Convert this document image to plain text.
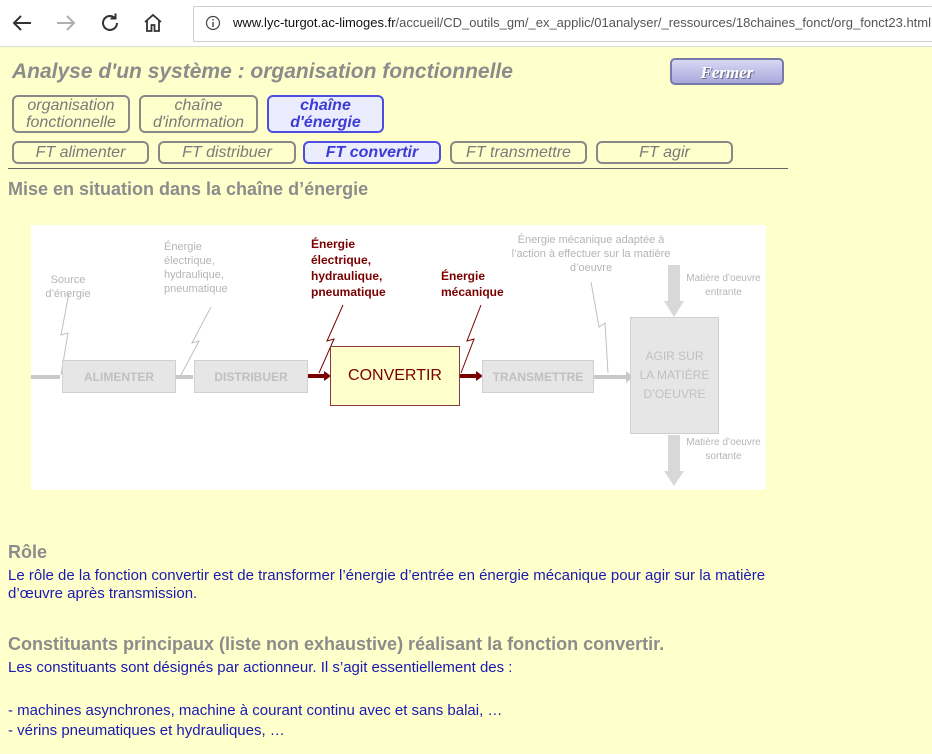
www.lyc-turgot.ac-limoges.fr/accueil/CD_outils_gm/_ex_applic/01analyser/_ressources/18chaines_fonct/org_fonct23.html
Analyse d'un système : organisation fonctionnelle	Fermer
organisation fonctionnelle
chaîne d'information
chaîne d'énergie
FT alimenter	FT distribuer	FT convertir	FT transmettre	FT agir
Mise en situation dans la chaîne d’énergie
Source d’énergie
Énergie électrique, hydraulique, pneumatique
Énergie électrique, hydraulique, pneumatique
Énergie mécanique
Énergie mécanique adaptée à l’action à effectuer sur la matière d’oeuvre
Matière d’oeuvre entrante
Matière d’oeuvre sortante
ALIMENTER	DISTRIBUER	CONVERTIR	TRANSMETTRE
AGIR SUR LA MATIÈRE D’OEUVRE
Rôle
Le rôle de la fonction convertir est de transformer l’énergie d’entrée en énergie mécanique pour agir sur la matière d’œuvre après transmission.
Constituants principaux (liste non exhaustive) réalisant la fonction convertir.
Les constituants sont désignés par actionneur. Il s’agit essentiellement des :
- machines asynchrones, machine à courant continu avec et sans balai, …
- vérins pneumatiques et hydrauliques, …
